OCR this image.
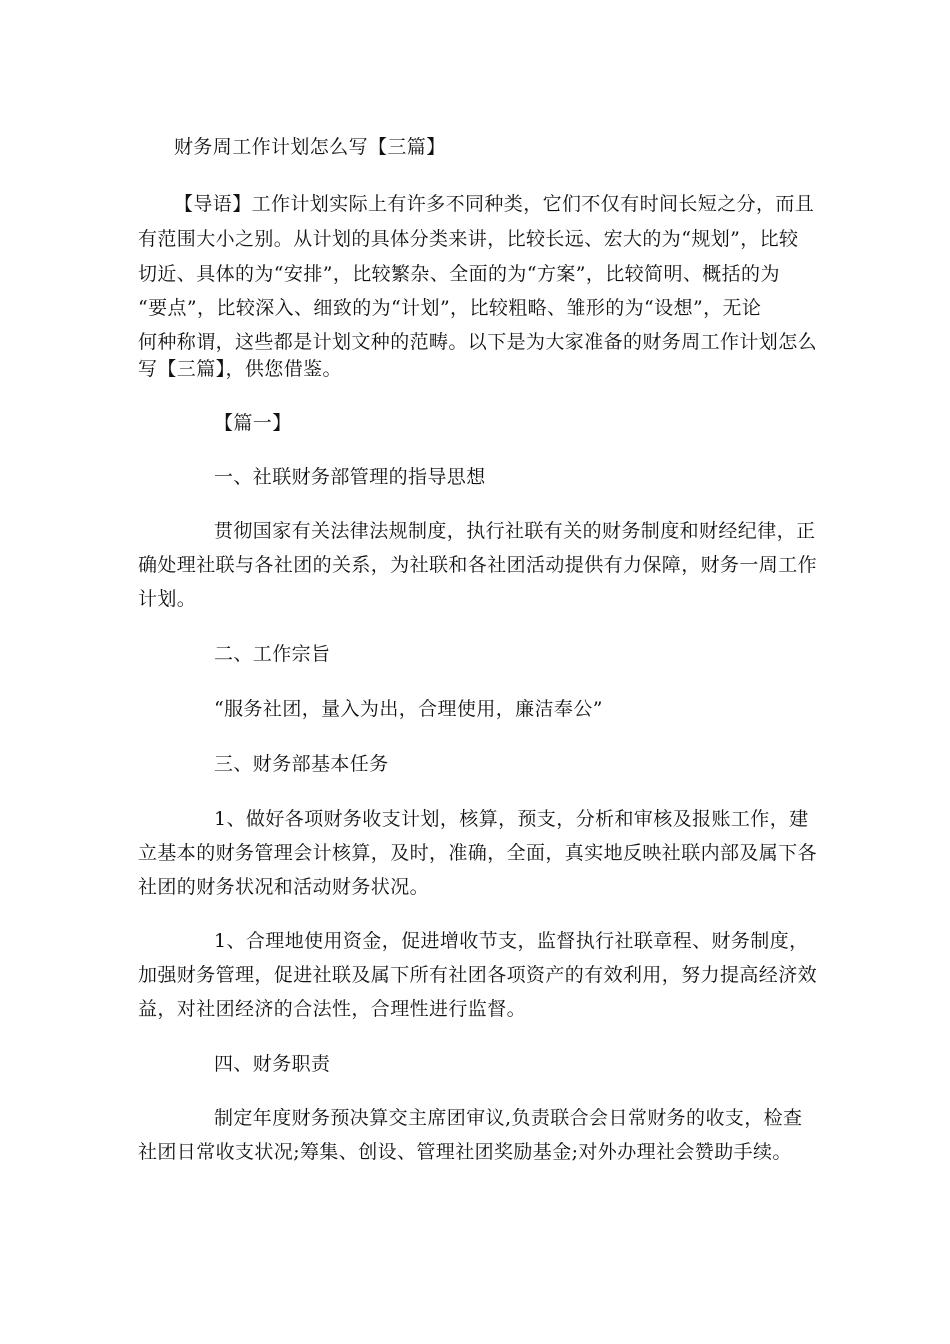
财务周工作计划怎么写【三篇】
【导语】工作计划实际上有许多不同种类，它们不仅有时间长短之分，而且
有范围大小之别。从计划的具体分类来讲，比较长远、宏大的为“规划”，比较
切近、具体的为“安排”，比较繁杂、全面的为“方案”，比较简明、概括的为
“要点”，比较深入、细致的为“计划”，比较粗略、雏形的为“设想”，无论
何种称谓，这些都是计划文种的范畴。以下是为大家准备的财务周工作计划怎么
写【三篇】，供您借鉴。
【篇一】
一、社联财务部管理的指导思想
贯彻国家有关法律法规制度，执行社联有关的财务制度和财经纪律，正
确处理社联与各社团的关系，为社联和各社团活动提供有力保障，财务一周工作
计划。
二、工作宗旨
“服务社团，量入为出，合理使用，廉洁奉公”
三、财务部基本任务
1、做好各项财务收支计划，核算，预支，分析和审核及报账工作，建
立基本的财务管理会计核算，及时，准确，全面，真实地反映社联内部及属下各
社团的财务状况和活动财务状况。
1、合理地使用资金，促进增收节支，监督执行社联章程、财务制度，
加强财务管理，促进社联及属下所有社团各项资产的有效利用，努力提高经济效
益，对社团经济的合法性，合理性进行监督。
四、财务职责
制定年度财务预决算交主席团审议,负责联合会日常财务的收支，检查
社团日常收支状况;筹集、创设、管理社团奖励基金;对外办理社会赞助手续。
